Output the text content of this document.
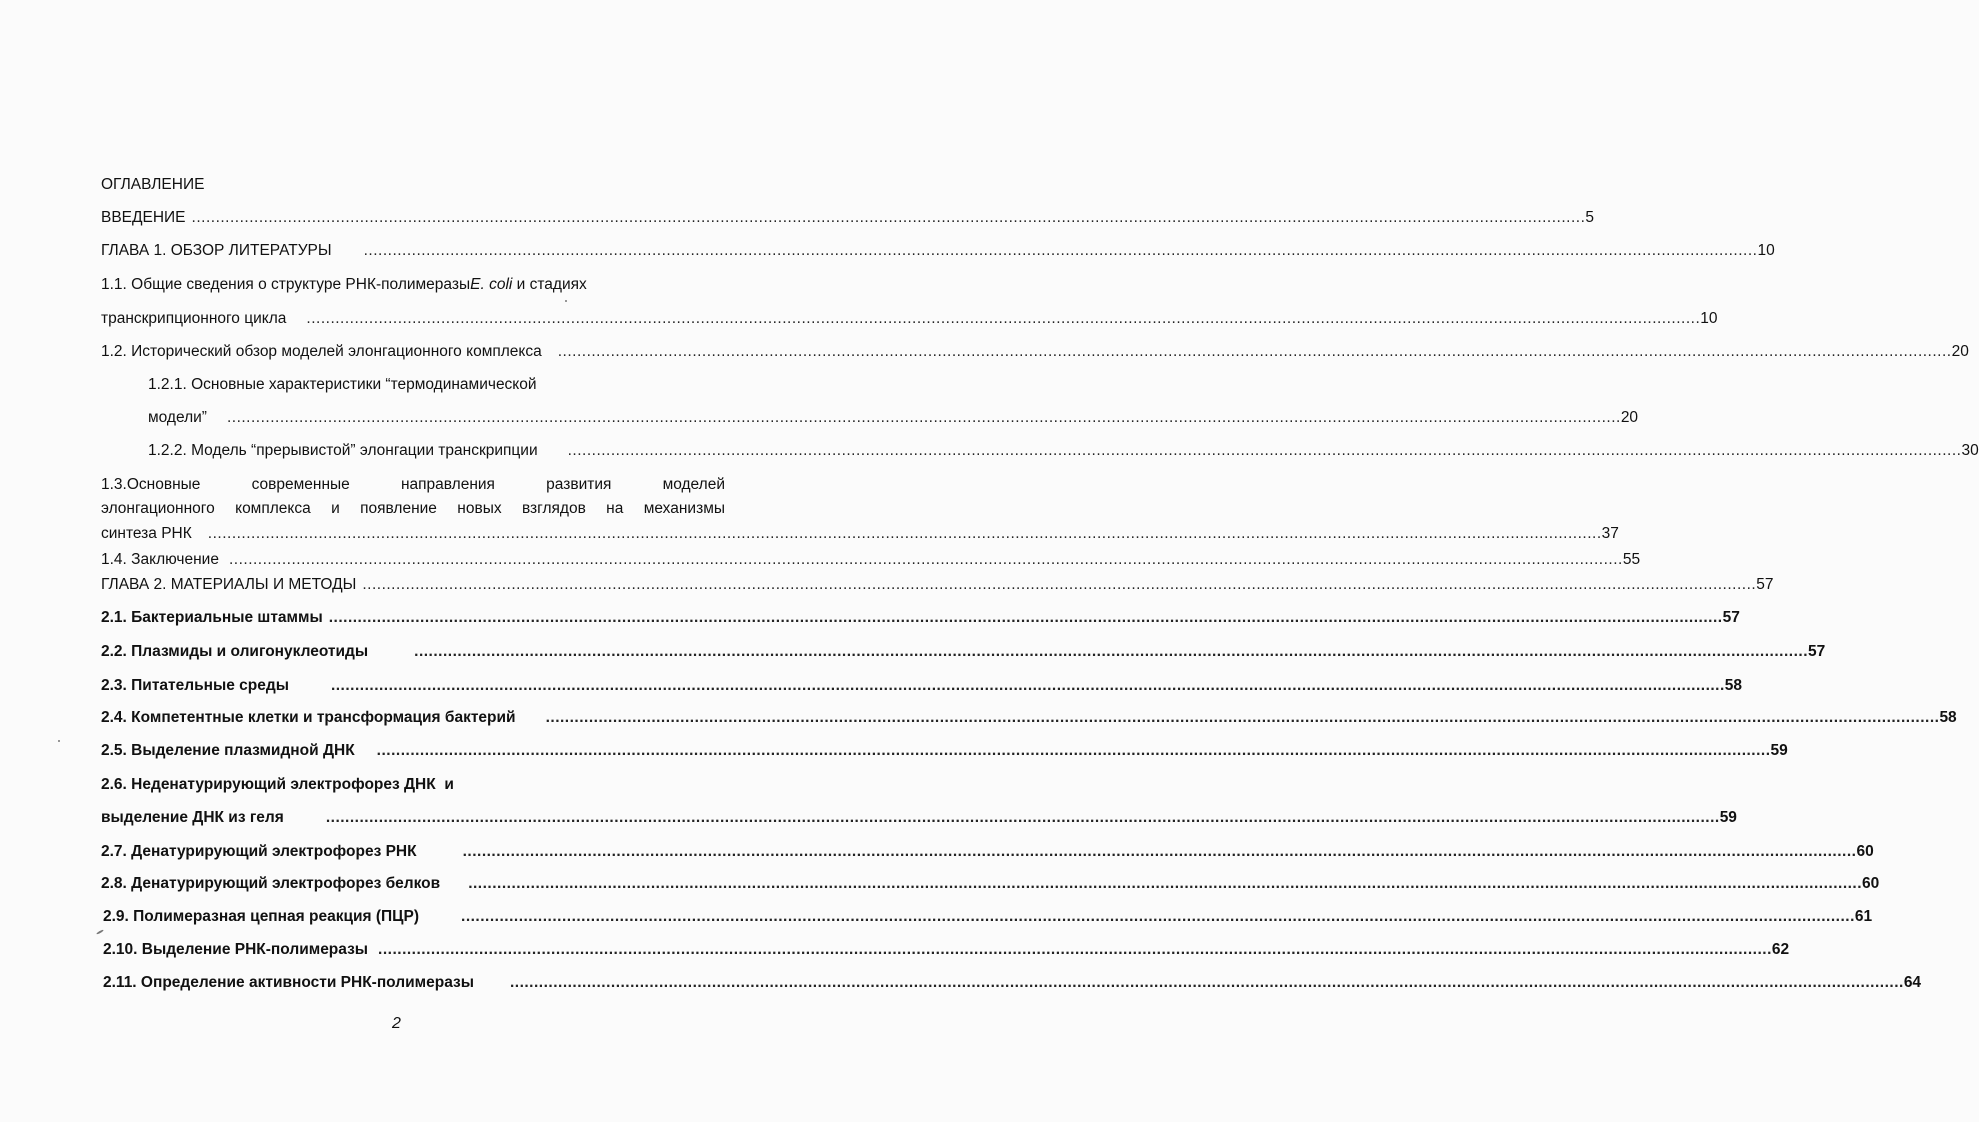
ОГЛАВЛЕНИЕ
ВВЕДЕНИЕ .................................................................................................................................................................................................................................................................................................. 5
ГЛАВА 1. ОБЗОР ЛИТЕРАТУРЫ .................................................................................................................................................................................................................................................................................................. 10
1.1. Общие сведения о структуре РНК-полимеразы E. coli и стадиях
транскрипционного цикла .................................................................................................................................................................................................................................................................................................. 10
1.2. Исторический обзор моделей элонгационного комплекса .................................................................................................................................................................................................................................................................................................. 20
1.2.1. Основные характеристики “термодинамической
модели” .................................................................................................................................................................................................................................................................................................. 20
1.2.2. Модель “прерывистой” элонгации транскрипции .................................................................................................................................................................................................................................................................................................. 30
1.3.Основные современные направления развития моделей
элонгационного комплекса и появление новых взглядов на механизмы
синтеза РНК .................................................................................................................................................................................................................................................................................................. 37
1.4. Заключение .................................................................................................................................................................................................................................................................................................. 55
ГЛАВА 2. МАТЕРИАЛЫ И МЕТОДЫ .................................................................................................................................................................................................................................................................................................. 57
2.1. Бактериальные штаммы .................................................................................................................................................................................................................................................................................................. 57
2.2. Плазмиды и олигонуклеотиды	.................................................................................................................................................................................................................................................................................................. 57
2.3. Питательные среды	.................................................................................................................................................................................................................................................................................................. 58
2.4. Компетентные клетки и трансформация бактерий .................................................................................................................................................................................................................................................................................................. 58
2.5. Выделение плазмидной ДНК .................................................................................................................................................................................................................................................................................................. 59
2.6. Неденатурирующий электрофорез ДНК  и
выделение ДНК из геля	.................................................................................................................................................................................................................................................................................................. 59
2.7. Денатурирующий электрофорез РНК	.................................................................................................................................................................................................................................................................................................. 60
2.8. Денатурирующий электрофорез белков .................................................................................................................................................................................................................................................................................................. 60
2.9. Полимеразная цепная реакция (ПЦР)	.................................................................................................................................................................................................................................................................................................. 61
2.10. Выделение РНК-полимеразы .................................................................................................................................................................................................................................................................................................. 62
2.11. Определение активности РНК-полимеразы .................................................................................................................................................................................................................................................................................................. 64
2
